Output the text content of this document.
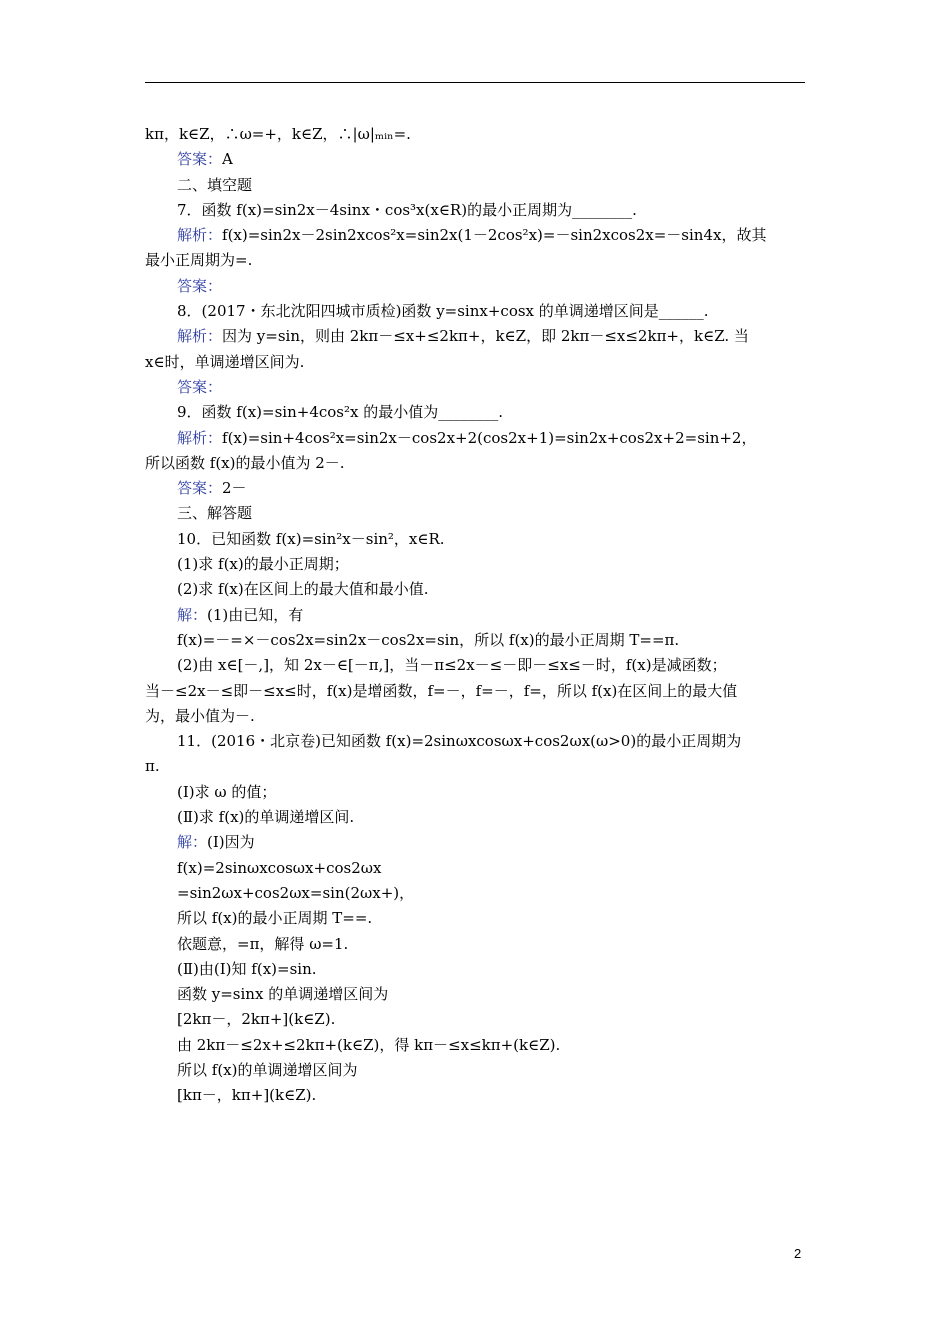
kπ，k∈Z，∴ω=+，k∈Z，∴|ω|ₘᵢₙ=.
答案：A
二、填空题
7．函数 f(x)=sin2x－4sinx・cos³x(x∈R)的最小正周期为________.
解析：f(x)=sin2x－2sin2xcos²x=sin2x(1－2cos²x)=－sin2xcos2x=－sin4x，故其
最小正周期为=.
答案：
8．(2017・东北沈阳四城市质检)函数 y=sinx+cosx 的单调递增区间是______.
解析：因为 y=sin，则由 2kπ－≤x+≤2kπ+，k∈Z，即 2kπ－≤x≤2kπ+，k∈Z. 当
x∈时，单调递增区间为.
答案：
9．函数 f(x)=sin+4cos²x 的最小值为________.
解析：f(x)=sin+4cos²x=sin2x－cos2x+2(cos2x+1)=sin2x+cos2x+2=sin+2，
所以函数 f(x)的最小值为 2－.
答案：2－
三、解答题
10．已知函数 f(x)=sin²x－sin²，x∈R.
(1)求 f(x)的最小正周期；
(2)求 f(x)在区间上的最大值和最小值.
解：(1)由已知，有
f(x)=－=×－cos2x=sin2x－cos2x=sin，所以 f(x)的最小正周期 T==π.
(2)由 x∈[－,]，知 2x－∈[－π,]，当－π≤2x－≤－即－≤x≤－时，f(x)是减函数；
当－≤2x－≤即－≤x≤时，f(x)是增函数，f=－，f=－，f=，所以 f(x)在区间上的最大值
为，最小值为－.
11．(2016・北京卷)已知函数 f(x)=2sinωxcosωx+cos2ωx(ω>0)的最小正周期为
π.
(Ⅰ)求 ω 的值；
(Ⅱ)求 f(x)的单调递增区间.
解：(Ⅰ)因为
f(x)=2sinωxcosωx+cos2ωx
=sin2ωx+cos2ωx=sin(2ωx+)，
所以 f(x)的最小正周期 T==.
依题意，=π，解得 ω=1.
(Ⅱ)由(Ⅰ)知 f(x)=sin.
函数 y=sinx 的单调递增区间为
[2kπ－，2kπ+](k∈Z).
由 2kπ－≤2x+≤2kπ+(k∈Z)，得 kπ－≤x≤kπ+(k∈Z).
所以 f(x)的单调递增区间为
[kπ－，kπ+](k∈Z).
2
